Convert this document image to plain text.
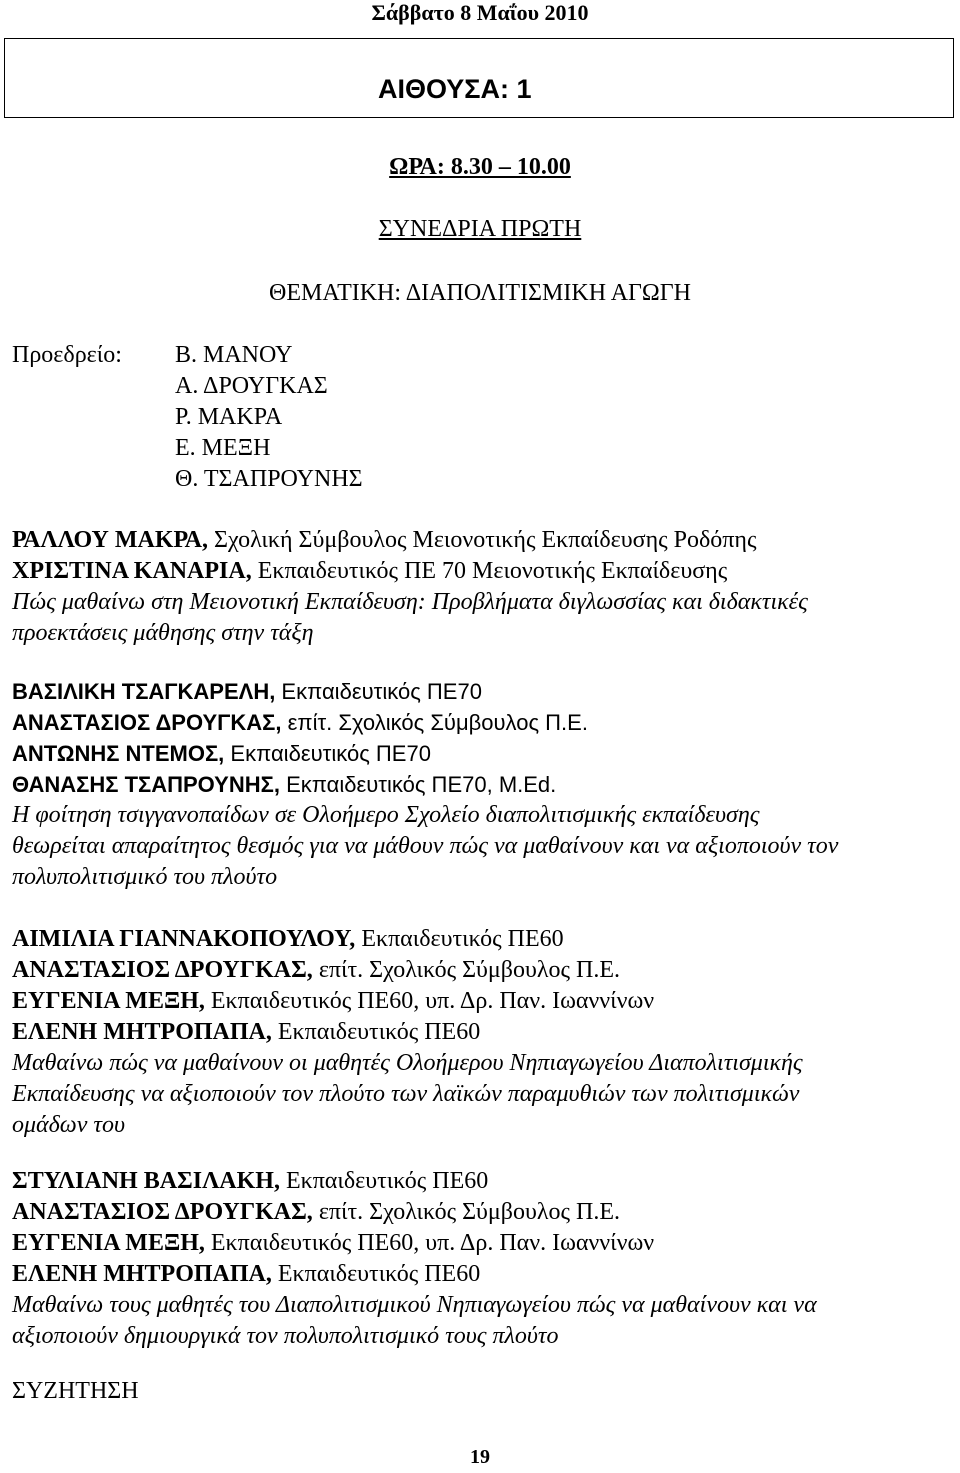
Σάββατο 8 Μαΐου 2010
ΑΙΘΟΥΣΑ: 1
ΩΡΑ: 8.30 – 10.00
ΣΥΝΕΔΡΙΑ ΠΡΩΤΗ
ΘΕΜΑΤΙΚΗ: ΔΙΑΠΟΛΙΤΙΣΜΙΚΗ ΑΓΩΓΗ
Προεδρείο: Β. ΜΑΝΟΥ
Α. ΔΡΟΥΓΚΑΣ
Ρ. ΜΑΚΡΑ
Ε. ΜΕΞΗ
Θ. ΤΣΑΠΡΟΥΝΗΣ
ΡΑΛΛΟΥ ΜΑΚΡΑ, Σχολική Σύμβουλος Μειονοτικής Εκπαίδευσης Ροδόπης
ΧΡΙΣΤΙΝΑ ΚΑΝΑΡΙΑ, Εκπαιδευτικός ΠΕ 70 Μειονοτικής Εκπαίδευσης
Πώς μαθαίνω στη Μειονοτική Εκπαίδευση: Προβλήματα διγλωσσίας και διδακτικές
προεκτάσεις μάθησης στην τάξη
ΒΑΣΙΛΙΚΗ ΤΣΑΓΚΑΡΕΛΗ, Εκπαιδευτικός ΠΕ70
ΑΝΑΣΤΑΣΙΟΣ ΔΡΟΥΓΚΑΣ, επίτ. Σχολικός Σύμβουλος Π.Ε.
ΑΝΤΩΝΗΣ ΝΤΕΜΟΣ, Εκπαιδευτικός ΠΕ70
ΘΑΝΑΣΗΣ ΤΣΑΠΡΟΥΝΗΣ, Εκπαιδευτικός ΠΕ70, Μ.Ed.
Η φοίτηση τσιγγανοπαίδων σε Ολοήμερο Σχολείο διαπολιτισμικής εκπαίδευσης
θεωρείται απαραίτητος θεσμός για να μάθουν πώς να μαθαίνουν και να αξιοποιούν τον
πολυπολιτισμικό του πλούτο
ΑΙΜΙΛΙΑ ΓΙΑΝΝΑΚΟΠΟΥΛΟΥ, Εκπαιδευτικός ΠΕ60
ΑΝΑΣΤΑΣΙΟΣ ΔΡΟΥΓΚΑΣ, επίτ. Σχολικός Σύμβουλος Π.Ε.
ΕΥΓΕΝΙΑ ΜΕΞΗ, Εκπαιδευτικός ΠΕ60, υπ. Δρ. Παν. Ιωαννίνων
ΕΛΕΝΗ ΜΗΤΡΟΠΑΠΑ, Εκπαιδευτικός ΠΕ60
Μαθαίνω πώς να μαθαίνουν οι μαθητές Ολοήμερου Νηπιαγωγείου Διαπολιτισμικής
Εκπαίδευσης να αξιοποιούν τον πλούτο των λαϊκών παραμυθιών των πολιτισμικών
ομάδων του
ΣΤΥΛΙΑΝΗ ΒΑΣΙΛΑΚΗ, Εκπαιδευτικός ΠΕ60
ΑΝΑΣΤΑΣΙΟΣ ΔΡΟΥΓΚΑΣ, επίτ. Σχολικός Σύμβουλος Π.Ε.
ΕΥΓΕΝΙΑ ΜΕΞΗ, Εκπαιδευτικός ΠΕ60, υπ. Δρ. Παν. Ιωαννίνων
ΕΛΕΝΗ ΜΗΤΡΟΠΑΠΑ, Εκπαιδευτικός ΠΕ60
Μαθαίνω τους μαθητές του Διαπολιτισμικού Νηπιαγωγείου πώς να μαθαίνουν και να
αξιοποιούν δημιουργικά τον πολυπολιτισμικό τους πλούτο
ΣΥΖΗΤΗΣΗ
19
